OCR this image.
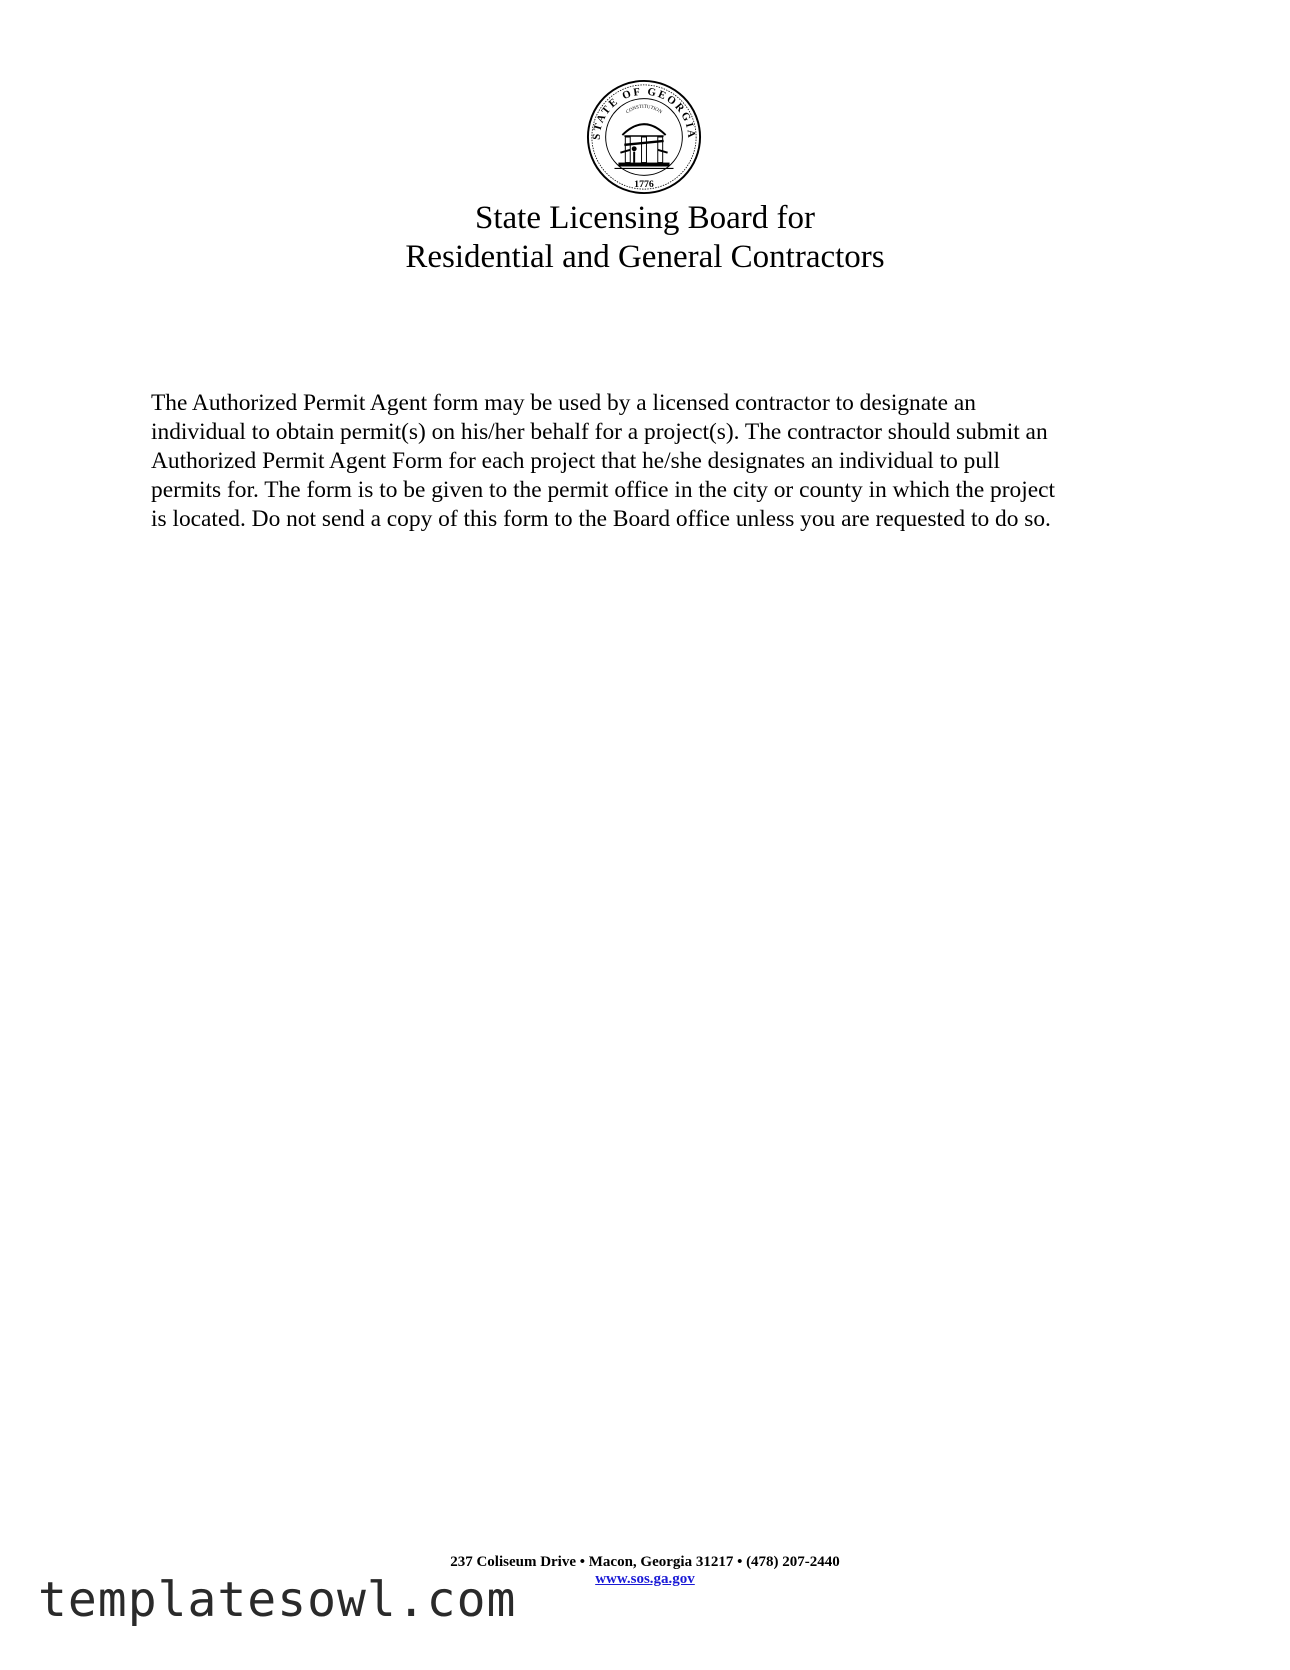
STATE OF GEORGIA
CONSTITUTION
1776
State Licensing Board for
Residential and General Contractors

The Authorized Permit Agent form may be used by a licensed contractor to designate an
individual to obtain permit(s) on his/her behalf for a project(s). The contractor should submit an
Authorized Permit Agent Form for each project that he/she designates an individual to pull
permits for. The form is to be given to the permit office in the city or county in which the project
is located. Do not send a copy of this form to the Board office unless you are requested to do so.

237 Coliseum Drive • Macon, Georgia 31217 • (478) 207-2440
www.sos.ga.gov
templatesowl.com
